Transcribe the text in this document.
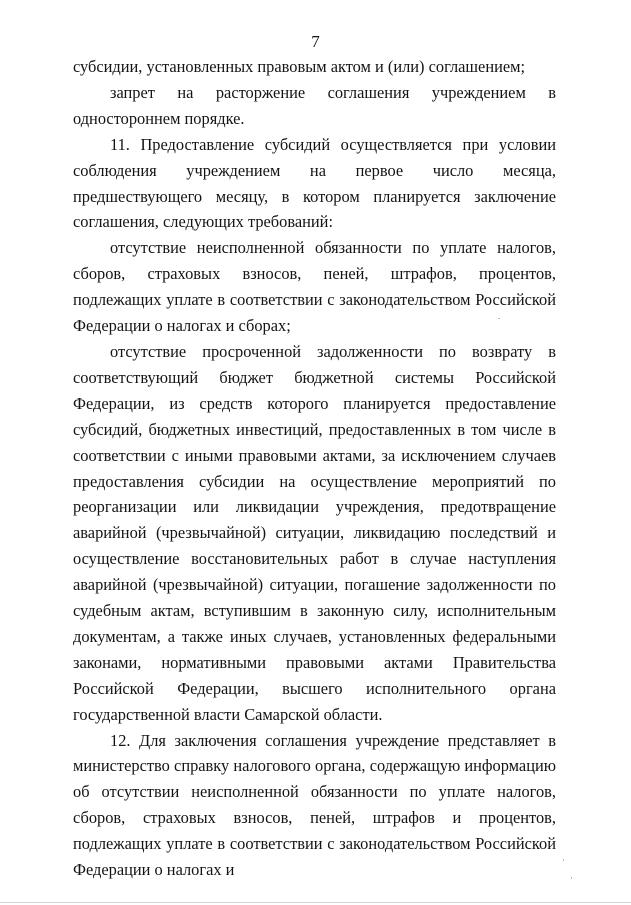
7

субсидии, установленных правовым актом и (или) соглашением;

запрет на расторжение соглашения учреждением в одностороннем порядке.

11. Предоставление субсидий осуществляется при условии соблюдения учреждением на первое число месяца, предшествующего месяцу, в котором планируется заключение соглашения, следующих требований:

отсутствие неисполненной обязанности по уплате налогов, сборов, страховых взносов, пеней, штрафов, процентов, подлежащих уплате в соответствии с законодательством Российской Федерации о налогах и сборах;

отсутствие просроченной задолженности по возврату в соответствующий бюджет бюджетной системы Российской Федерации, из средств которого планируется предоставление субсидий, бюджетных инвестиций, предоставленных в том числе в соответствии с иными правовыми актами, за исключением случаев предоставления субсидии на осуществление мероприятий по реорганизации или ликвидации учреждения, предотвращение аварийной (чрезвычайной) ситуации, ликвидацию последствий и осуществление восстановительных работ в случае наступления аварийной (чрезвычайной) ситуации, погашение задолженности по судебным актам, вступившим в законную силу, исполнительным документам, а также иных случаев, установленных федеральными законами, нормативными правовыми актами Правительства Российской Федерации, высшего исполнительного органа государственной власти Самарской области.

12. Для заключения соглашения учреждение представляет в министерство справку налогового органа, содержащую информацию об отсутствии неисполненной обязанности по уплате налогов, сборов, страховых взносов, пеней, штрафов и процентов, подлежащих уплате в соответствии с законодательством Российской Федерации о налогах и
